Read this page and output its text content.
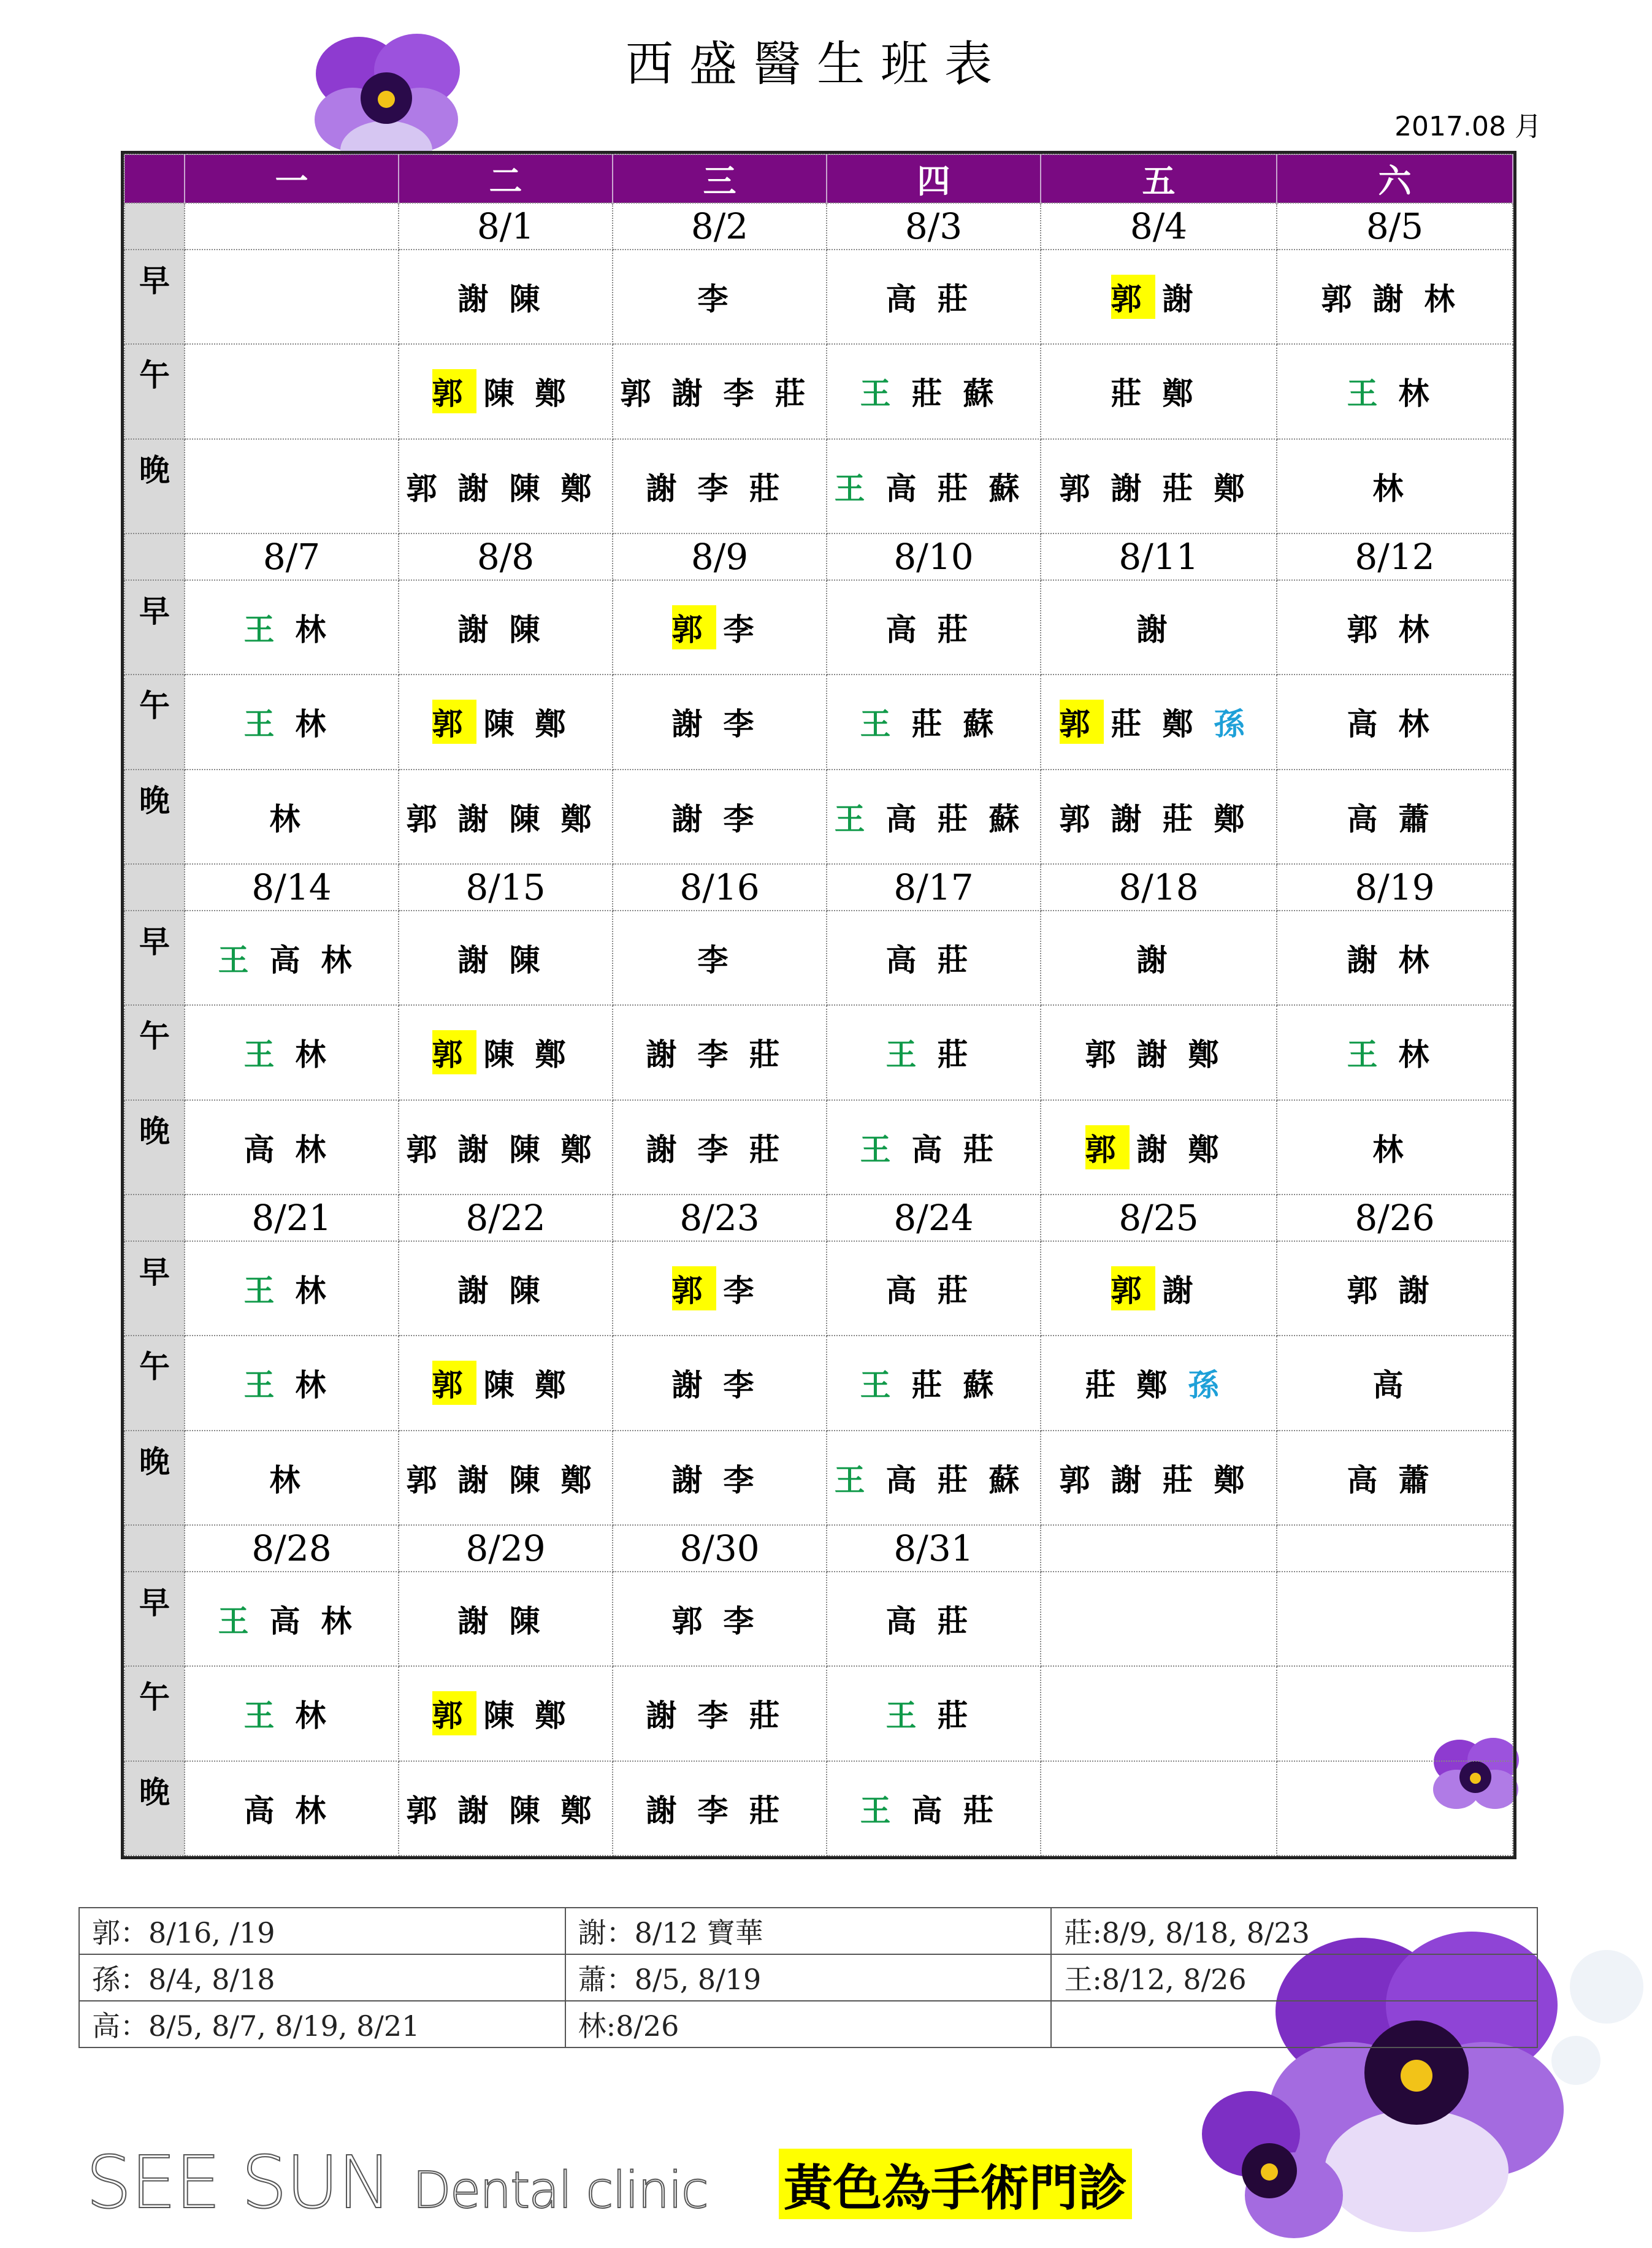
西盛醫生班表
2017.08 月
	一	二	三	四	五	六
		8/1	8/2	8/3	8/4	8/5
早		謝 陳	李	高 莊	郭 謝	郭 謝 林
午		郭 陳 鄭	郭 謝 李 莊	王 莊 蘇	莊 鄭	王 林
晚		郭 謝 陳 鄭	謝 李 莊	王 高 莊 蘇	郭 謝 莊 鄭	林
	8/7	8/8	8/9	8/10	8/11	8/12
早	王 林	謝 陳	郭 李	高 莊	謝	郭 林
午	王 林	郭 陳 鄭	謝 李	王 莊 蘇	郭 莊 鄭 孫	高 林
晚	林	郭 謝 陳 鄭	謝 李	王 高 莊 蘇	郭 謝 莊 鄭	高 蕭
	8/14	8/15	8/16	8/17	8/18	8/19
早	王 高 林	謝 陳	李	高 莊	謝	謝 林
午	王 林	郭 陳 鄭	謝 李 莊	王 莊	郭 謝 鄭	王 林
晚	高 林	郭 謝 陳 鄭	謝 李 莊	王 高 莊	郭 謝 鄭	林
	8/21	8/22	8/23	8/24	8/25	8/26
早	王 林	謝 陳	郭 李	高 莊	郭 謝	郭 謝
午	王 林	郭 陳 鄭	謝 李	王 莊 蘇	莊 鄭 孫	高
晚	林	郭 謝 陳 鄭	謝 李	王 高 莊 蘇	郭 謝 莊 鄭	高 蕭
	8/28	8/29	8/30	8/31		
早	王 高 林	謝 陳	郭 李	高 莊		
午	王 林	郭 陳 鄭	謝 李 莊	王 莊		
晚	高 林	郭 謝 陳 鄭	謝 李 莊	王 高 莊		
郭：8/16, /19	謝：8/12 寶華	莊:8/9, 8/18, 8/23
孫：8/4, 8/18	蕭：8/5, 8/19	王:8/12, 8/26
高：8/5, 8/7, 8/19, 8/21	林:8/26	
SEE SUN Dental clinic 黃色為手術門診
